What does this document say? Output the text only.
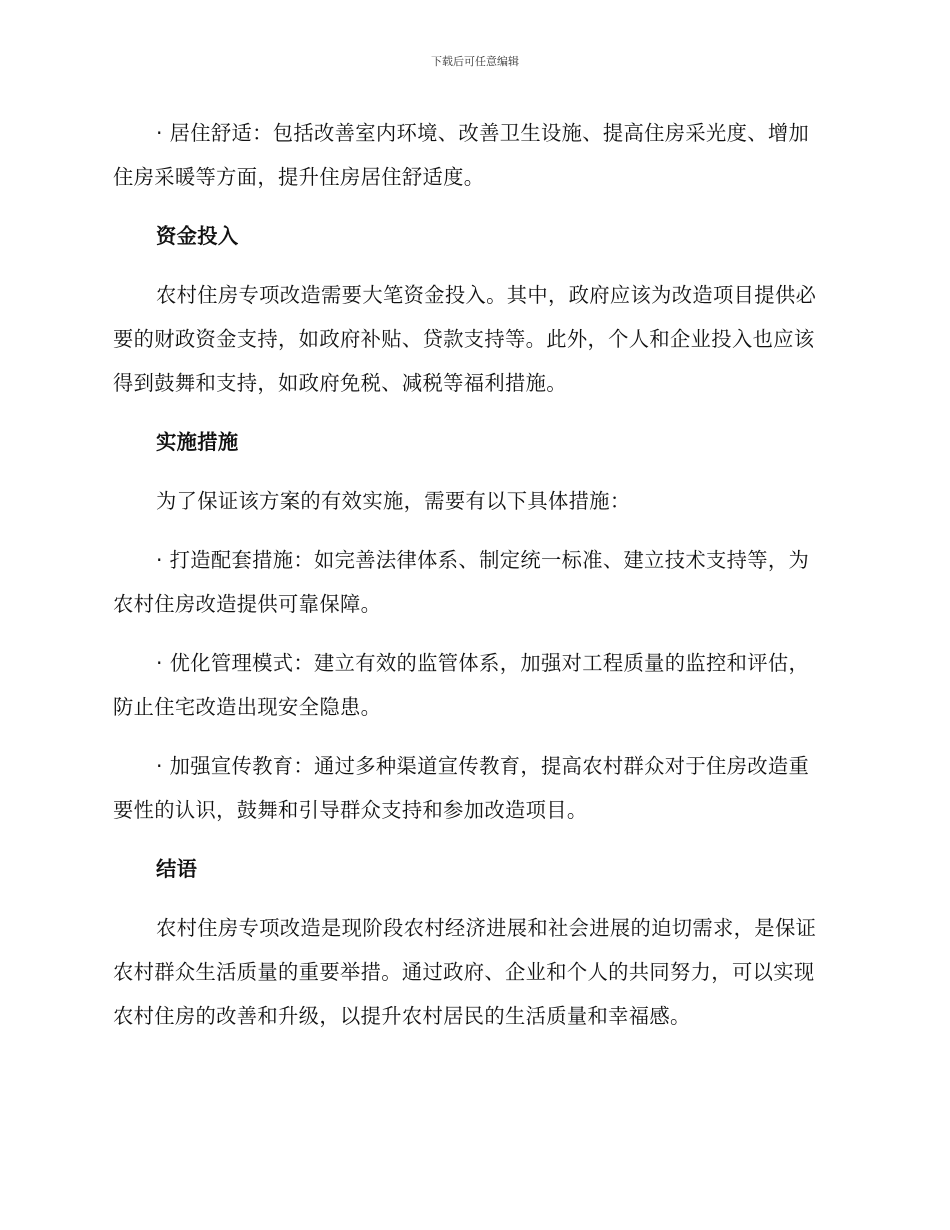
下载后可任意编辑

· 居住舒适：包括改善室内环境、改善卫生设施、提高住房采光度、增加住房采暖等方面，提升住房居住舒适度。

资金投入

农村住房专项改造需要大笔资金投入。其中，政府应该为改造项目提供必要的财政资金支持，如政府补贴、贷款支持等。此外，个人和企业投入也应该得到鼓舞和支持，如政府免税、减税等福利措施。

实施措施

为了保证该方案的有效实施，需要有以下具体措施：

· 打造配套措施：如完善法律体系、制定统一标准、建立技术支持等，为农村住房改造提供可靠保障。

· 优化管理模式：建立有效的监管体系，加强对工程质量的监控和评估，防止住宅改造出现安全隐患。

· 加强宣传教育：通过多种渠道宣传教育，提高农村群众对于住房改造重要性的认识，鼓舞和引导群众支持和参加改造项目。

结语

农村住房专项改造是现阶段农村经济进展和社会进展的迫切需求，是保证农村群众生活质量的重要举措。通过政府、企业和个人的共同努力，可以实现农村住房的改善和升级，以提升农村居民的生活质量和幸福感。
